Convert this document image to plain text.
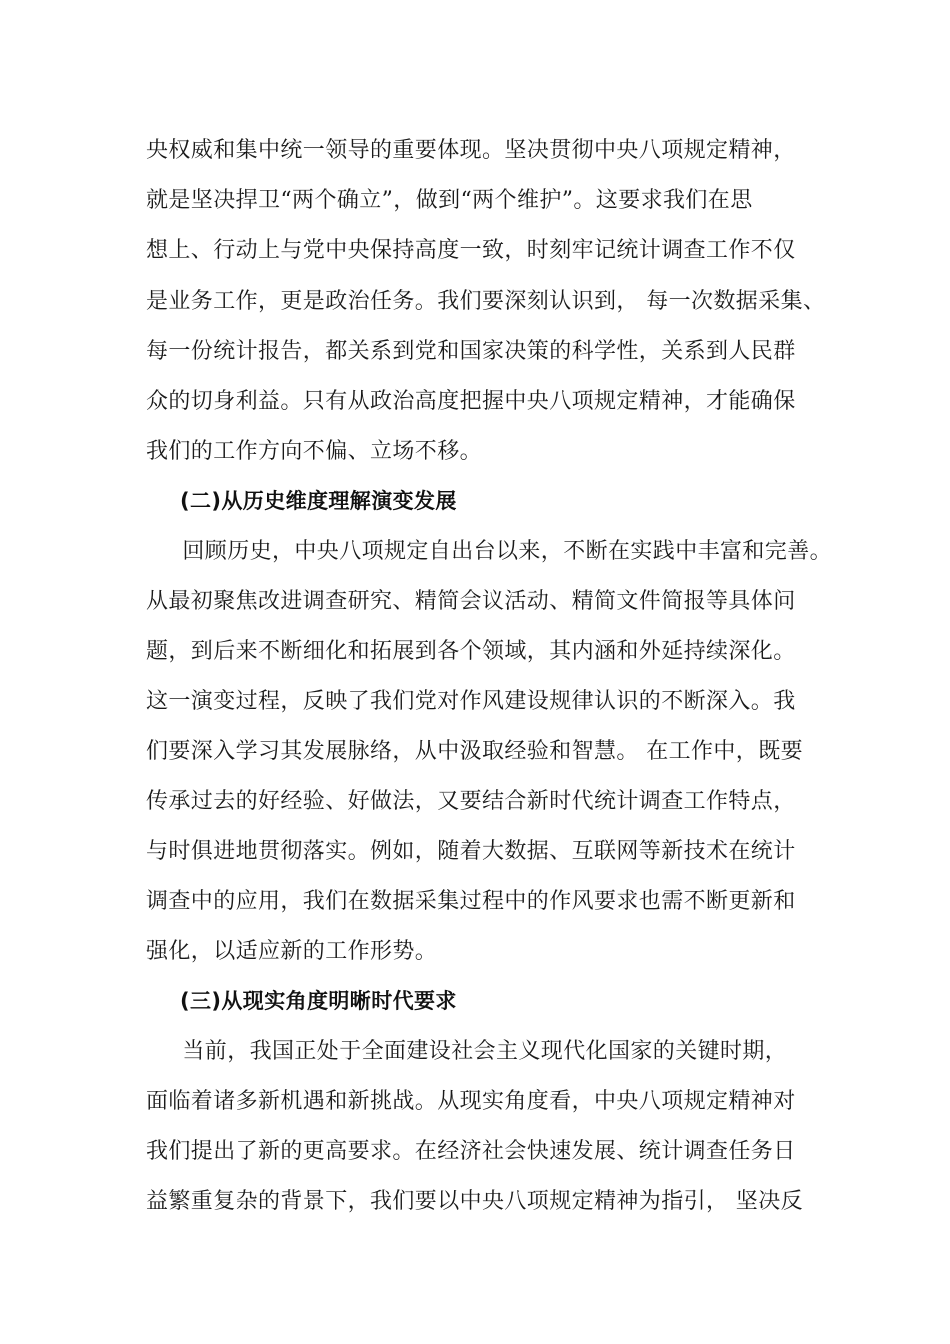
央权威和集中统一领导的重要体现。坚决贯彻中央八项规定精神，
就是坚决捍卫“两个确立”，做到“两个维护”。这要求我们在思
想上、行动上与党中央保持高度一致，时刻牢记统计调查工作不仅
是业务工作，更是政治任务。我们要深刻认识到， 每一次数据采集、
每一份统计报告，都关系到党和国家决策的科学性，关系到人民群
众的切身利益。只有从政治高度把握中央八项规定精神，才能确保
我们的工作方向不偏、立场不移。
(二)从历史维度理解演变发展
　回顾历史，中央八项规定自出台以来，不断在实践中丰富和完善。
从最初聚焦改进调查研究、精简会议活动、精简文件简报等具体问
题，到后来不断细化和拓展到各个领域，其内涵和外延持续深化。
这一演变过程，反映了我们党对作风建设规律认识的不断深入。我
们要深入学习其发展脉络，从中汲取经验和智慧。 在工作中，既要
传承过去的好经验、好做法，又要结合新时代统计调查工作特点，
与时俱进地贯彻落实。例如，随着大数据、互联网等新技术在统计
调查中的应用，我们在数据采集过程中的作风要求也需不断更新和
强化，以适应新的工作形势。
(三)从现实角度明晰时代要求
　当前，我国正处于全面建设社会主义现代化国家的关键时期，
面临着诸多新机遇和新挑战。从现实角度看，中央八项规定精神对
我们提出了新的更高要求。在经济社会快速发展、统计调查任务日
益繁重复杂的背景下，我们要以中央八项规定精神为指引， 坚决反
